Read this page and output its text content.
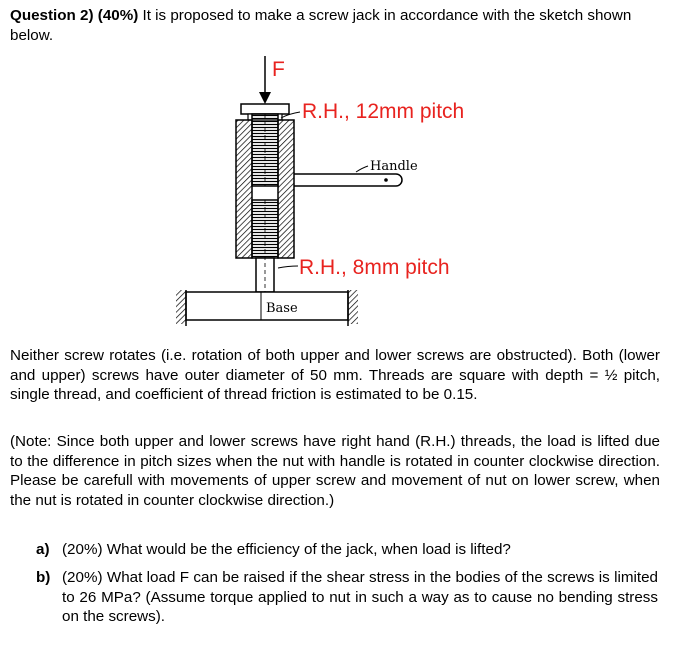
Question 2) (40%) It is proposed to make a screw jack in accordance with the sketch shown below.
F
Handle
Base
R.H., 12mm pitch
R.H., 8mm pitch
Neither screw rotates (i.e. rotation of both upper and lower screws are obstructed). Both (lower and upper) screws have outer diameter of 50 mm. Threads are square with depth = ½ pitch, single thread, and coefficient of thread friction is estimated to be 0.15.
(Note: Since both upper and lower screws have right hand (R.H.) threads, the load is lifted due to the difference in pitch sizes when the nut with handle is rotated in counter clockwise direction. Please be carefull with movements of upper screw and movement of nut on lower screw, when the nut is rotated in counter clockwise direction.)
a) (20%) What would be the efficiency of the jack, when load is lifted?
b) (20%) What load F can be raised if the shear stress in the bodies of the screws is limited to 26 MPa? (Assume torque applied to nut in such a way as to cause no bending stress on the screws).
